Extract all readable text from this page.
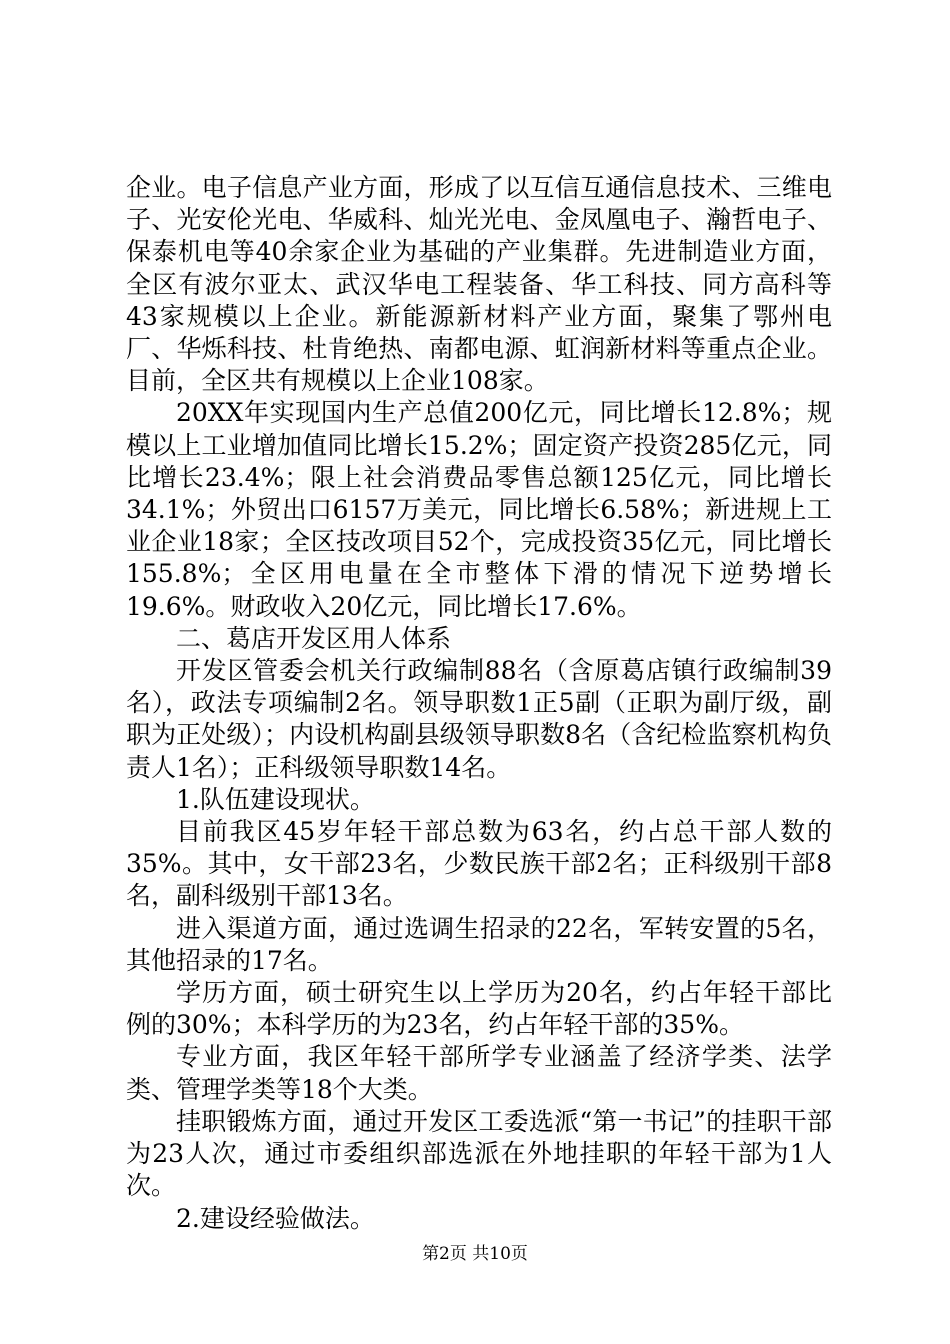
企业。电子信息产业方面，形成了以互信互通信息技术、三维电子、光安伦光电、华威科、灿光光电、金凤凰电子、瀚哲电子、保泰机电等40余家企业为基础的产业集群。先进制造业方面，全区有波尔亚太、武汉华电工程装备、华工科技、同方高科等43家规模以上企业。新能源新材料产业方面，聚集了鄂州电厂、华烁科技、杜肯绝热、南都电源、虹润新材料等重点企业。目前，全区共有规模以上企业108家。

20XX年实现国内生产总值200亿元，同比增长12.8%；规模以上工业增加值同比增长15.2%；固定资产投资285亿元，同比增长23.4%；限上社会消费品零售总额125亿元，同比增长34.1%；外贸出口6157万美元，同比增长6.58%；新进规上工业企业18家；全区技改项目52个，完成投资35亿元，同比增长155.8%；全区用电量在全市整体下滑的情况下逆势增长19.6%。财政收入20亿元，同比增长17.6%。

二、葛店开发区用人体系

开发区管委会机关行政编制88名（含原葛店镇行政编制39名），政法专项编制2名。领导职数1正5副（正职为副厅级，副职为正处级）；内设机构副县级领导职数8名（含纪检监察机构负责人1名）；正科级领导职数14名。

1.队伍建设现状。

目前我区45岁年轻干部总数为63名，约占总干部人数的35%。其中，女干部23名，少数民族干部2名；正科级别干部8名，副科级别干部13名。

进入渠道方面，通过选调生招录的22名，军转安置的5名，其他招录的17名。

学历方面，硕士研究生以上学历为20名，约占年轻干部比例的30%；本科学历的为23名，约占年轻干部的35%。

专业方面，我区年轻干部所学专业涵盖了经济学类、法学类、管理学类等18个大类。

挂职锻炼方面，通过开发区工委选派“第一书记”的挂职干部为23人次，通过市委组织部选派在外地挂职的年轻干部为1人次。

2.建设经验做法。

第2页 共10页
